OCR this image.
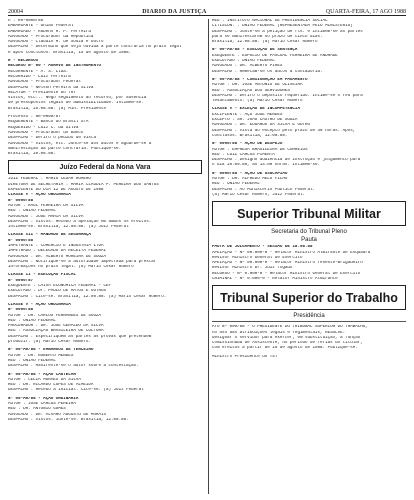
20004	DIARIO DA JUSTIÇA	QUARTA-FEIRA, 17 AGO 1988
n : RR-0000/86
EMBARGANTE - União Federal
EMBARGADO - Rubens R. P. Ferreira
ADVOGADO - Procurador da República
ADVOGADO - Claudio M. de Souza e Outro
DESPACHO - Determino que seja ouvida a parte contraria no prazo legal
e após conclusos. Brasília, 15 de agosto de 1988.
R - RECURSOS
RECURSO Nº 00 - AGRAVO DE INSTRUMENTO
RECORRENTE - A. S. Ltda.
RECORRIDO - Luiz Ferreira
ADVOGADO - Procurador Federal
DESPACHO - Nelson Pereira da Silva
RELATOR - Presidente do TRT
Vistos, etc... Nego seguimento ao recurso, por ausência
de pressupostos legais de admissibilidade. Intimem-se.
Brasília, 25.08.88. (a) Min. Presidente
Processo : RR-0000/87
REQUERENTE - Banco do Brasil S/A
REQUERIDO - Luiz C. da Silva
ADVOGADO - Procurador do Banco
DESPACHO - Defiro o pedido de vista
ADVOGADO - Vistos, etc. Junte-se aos autos e aguarde-se a
manifestação da parte contrária. Publique-se.
Brasília, 20.08.88.
Juízo Federal da Nona Vara
JUIZ FEDERAL : MARIO CESAR ROMERO
DIRETORA DE SECRETARIA : MARIA CLAUDIA P. PEREIRA DOS SANTOS
EXPEDIENTE DO DIA 12 DE AGOSTO DE 1988
CLASSE V - AÇÃO ORDINÁRIA
Nº 0000/88
AUTOR : RAUL FERREIRA DA SILVA
RÉU : UNIÃO FEDERAL
ADVOGADO : JOSÉ MARIA DA SILVA
DESPACHO : Vistos. Recebo a apelação em ambos os efeitos.
Intimem-se. Brasília, 12.08.88. (a) Juiz Federal
CLASSE XII - MANDADO DE SEGURANÇA
Nº 0000/88
IMPETRANTE : COMÉRCIO E INDÚSTRIA LTDA
IMPETRADO : DELEGADO DA RECEITA FEDERAL
ADVOGADO : DR. ALBERTO MOREIRA DE SOUZA
DESPACHO : Notifique-se a autoridade impetrada para prestar
informações no prazo legal. (a) Mário César Romero
CLASSE II - EXECUÇÃO FISCAL
Nº 0000/87
EXEQUENTE : CAIXA ECONÔMICA FEDERAL - CEF
EXECUTADO : Dr. PAULO DE MATOS E OUTROS
DESPACHO : Cite-se. Brasília, 12.08.88. (a) Mário César Romero.
CLASSE V - AÇÃO ORDINÁRIA
Nº 0000/88
AUTOR : DR. CARLOS FERNANDES DE SOUZA
RÉU : UNIÃO FEDERAL
PROCURADOR : DR. JOSÉ GERALDO DA SILVA
RÉU : ASSOCIAÇÃO BRASILEIRA DE CULTURA
DESPACHO : Especifiquem as partes as provas que pretendem
produzir. (a) Mário César Romero.
Nº 00-A0/88 - EMBARGOS DE TERCEIRO
AUTOR : DR. ROBERTO MENDES
RÉU : UNIÃO FEDERAL
DESPACHO : Manifeste-se o autor sobre a contestação.
Nº 00-A0/88 - AÇÃO CAUTELAR
AUTOR : CÉLIA MORAES DA SILVA
RÉU : DR. RICARDO LOPES DE ALMEIDA
DESPACHO : Recebo a inicial. Cite-se. (a) Juiz Federal
Nº 00-A0/88 - AÇÃO ORDINÁRIA
AUTOR : JOSÉ CARLOS PEREIRA
RÉU : DR. ANTONIO GOMES
ADVOGADO : DR. ALVARO AUGUSTO DE MORAIS
DESPACHO : Vistos. Junte-se. Brasília, 12.08.88.
RÉU : INSTITUTO NACIONAL DE PREVIDÊNCIA SOCIAL
LITISCON. : UNIÃO FEDERAL (REPRESENTADA PELO MINISTÉRIO)
DESPACHO : Junte-se a petição de fls. e intimem-se as partes
para se manifestarem no prazo de cinco dias.
Brasília, 12.08.88. (a) Mário César Romero
Nº 00-A0/88 - EXECUÇÃO DE SENTENÇA
EXEQUENTE : ESPÓLIO DE PASCOAL FERREIRA DE ANDRADE
EXECUTADO : UNIÃO FEDERAL
ADVOGADO : DR. ALBERTO PIRES
DESPACHO : Remetam-se os autos à contadoria.
Nº 00-A0/88 - CONSIGNAÇÃO EM PAGAMENTO
AUTOR : DR. JOSÉ ANTONIO DE OLIVEIRA
RÉU : ASSOCIAÇÃO DOS SERVIDORES
DESPACHO : Defiro o depósito requerido. Intime-se o réu para
levantamento. (a) Mário César Romero
CLASSE V - EXCEÇÃO DE INCOMPETÊNCIA
EXCIPIENTE : AÇÕ JOSÉ MENDES
EXCEPTO : SR. JOÃO CASTRO DE SOUZA
ADVOGADO : DR. EDUARDO DA SILVA E OUTRO
DESPACHO : Vista ao excepto pelo prazo de 48 horas. Após,
conclusos. Brasília, 12.08.88.
Nº 0000/88 - AÇÃO DE DESPEJO
AUTOR : EMPRESA BRASILEIRA DE CORREIOS
RÉU : LUIZ CARLOS PIMENTA
DESPACHO : Designo audiência de instrução e julgamento para
o dia 20.09.88, às 14:00 horas. Intimem-se.
Nº 0000/88 - AÇÃO DE USUCAPIÃO
AUTOR : DR. ALFREDO MELO FILHO
RÉU : UNIÃO FEDERAL
DESPACHO : Ao Ministério Público Federal.
(a) Mário César Romero, Juiz Federal.
Superior Tribunal Militar
Secretaria do Tribunal Pleno
Pauta
PAUTA DE JULGAMENTO - SESSÃO DE 18.08.88
APELAÇÃO - Nº 00.000-0 - Relator Ministro Almirante de Esquadra
Revisor Ministro General de Exército
APELAÇÃO - Nº 00.000-0 - Relator Ministro Tenente-Brigadeiro
Revisor Ministro Dr. Juiz Togado
RECURSO - Nº 0.000-0 - Relator Ministro General de Exército
CRIMINAL - Nº 0.000-0 - Relator Ministro Almirante
Tribunal Superior do Trabalho
Presidência
ATO Nº 000/88 - O PRESIDENTE DO TRIBUNAL SUPERIOR DO TRABALHO,
no uso das atribuições legais e regimentais, RESOLVE:
designar o servidor para exercer, em substituição, a função
comissionada de Assistente, no período de férias do titular,
com efeitos a partir de 16 de agosto de 1988. Publique-se.
Ministro Presidente do TST
